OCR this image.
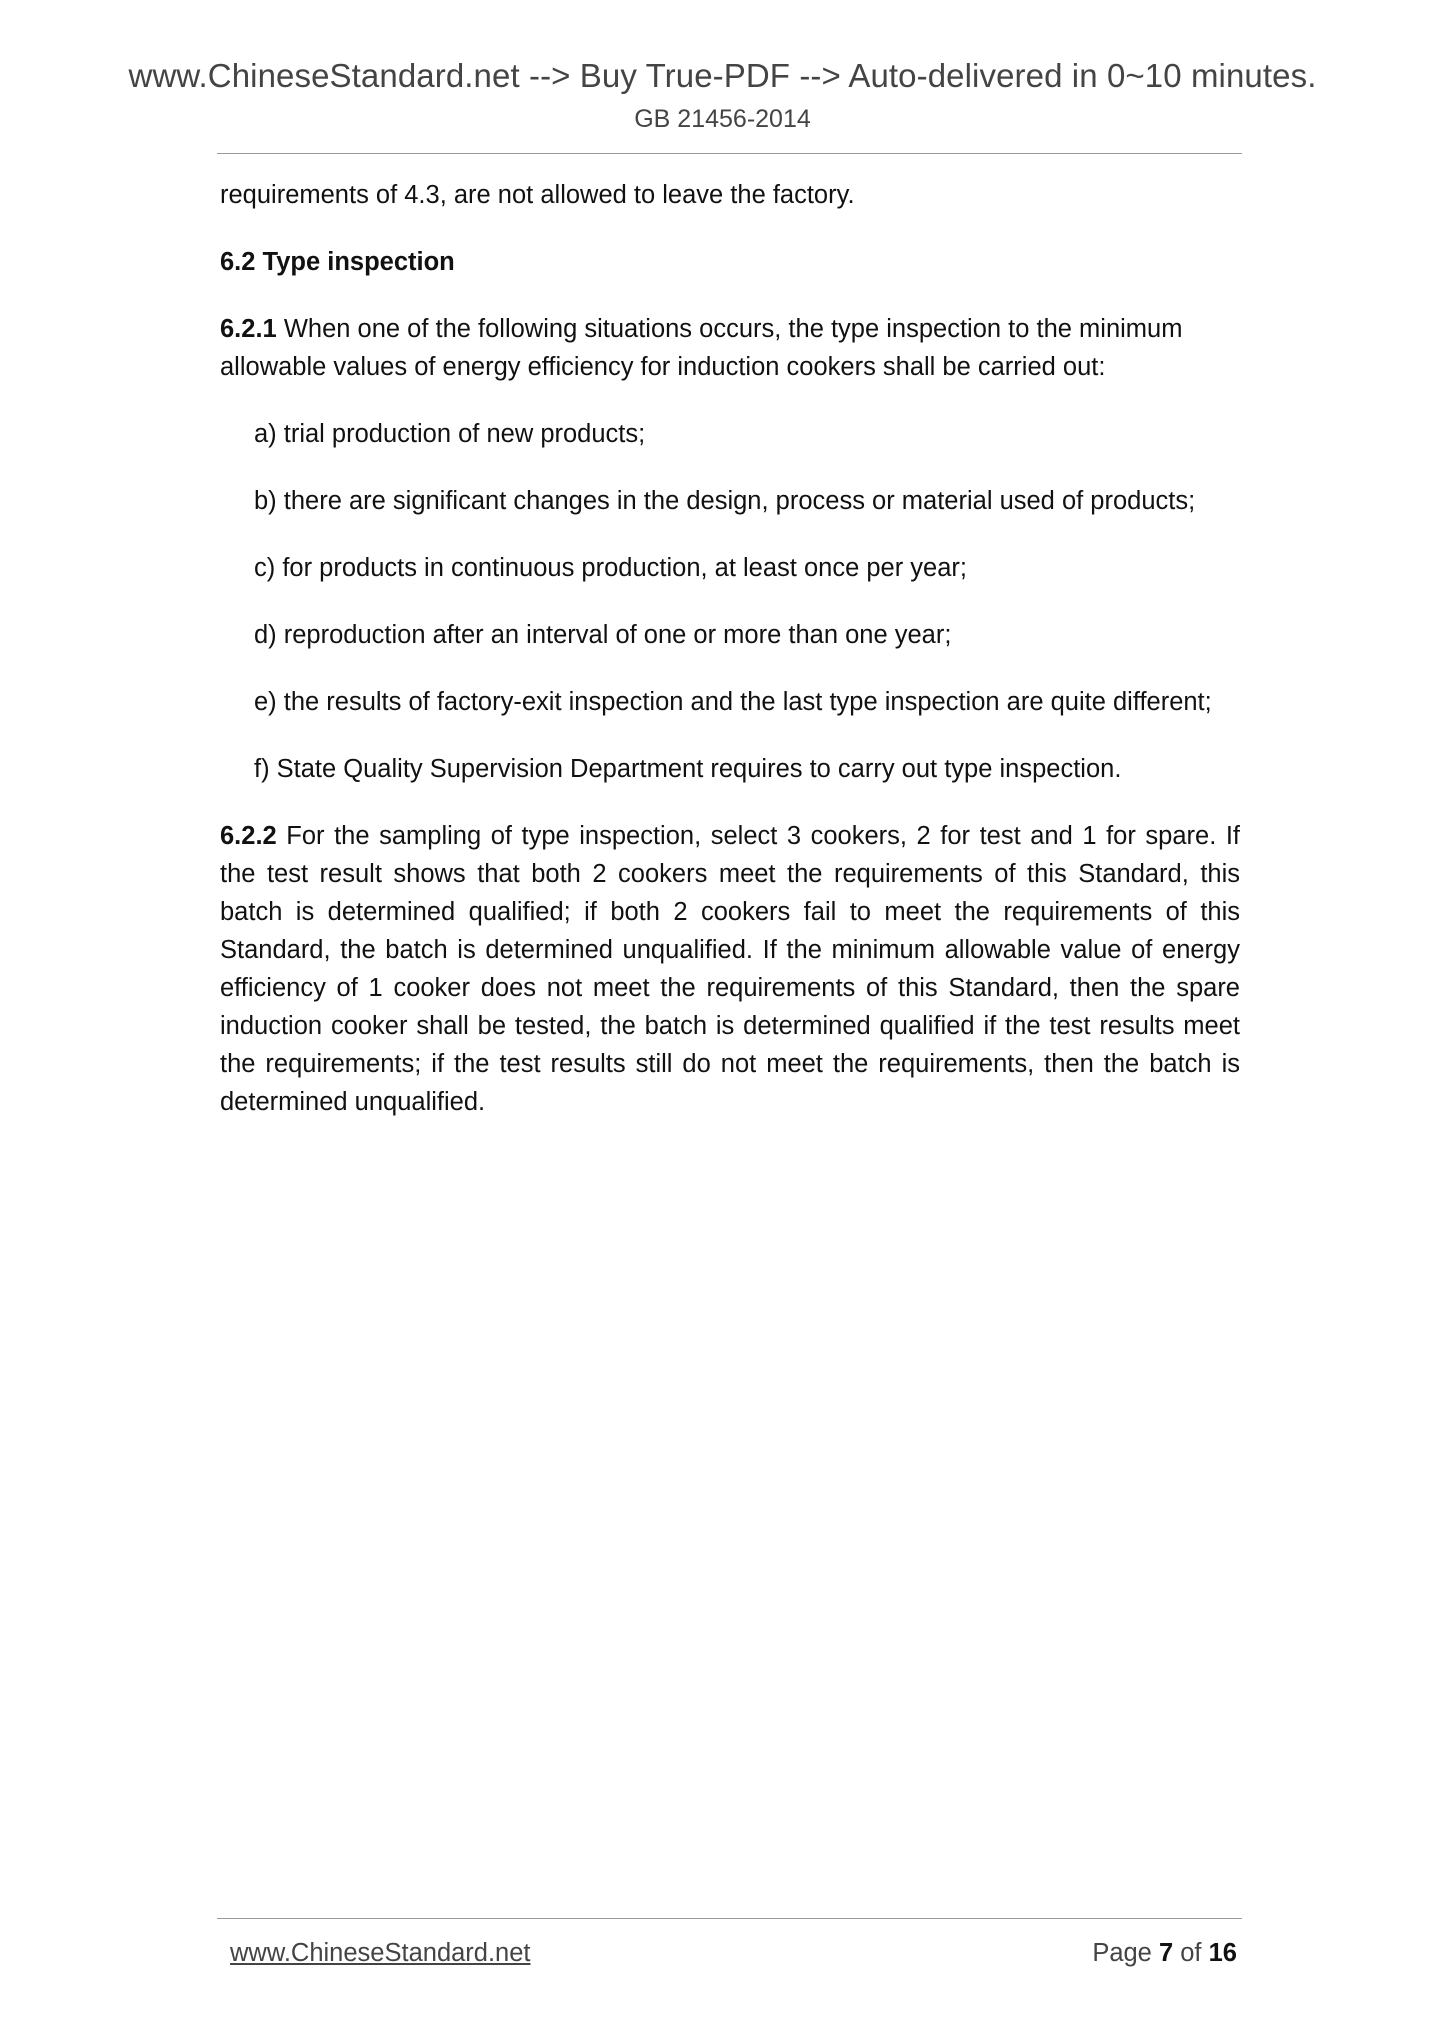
www.ChineseStandard.net --> Buy True-PDF --> Auto-delivered in 0~10 minutes.
GB 21456-2014

requirements of 4.3, are not allowed to leave the factory.

6.2 Type inspection

6.2.1 When one of the following situations occurs, the type inspection to the minimum allowable values of energy efficiency for induction cookers shall be carried out:

a) trial production of new products;

b) there are significant changes in the design, process or material used of products;

c) for products in continuous production, at least once per year;

d) reproduction after an interval of one or more than one year;

e) the results of factory-exit inspection and the last type inspection are quite different;

f) State Quality Supervision Department requires to carry out type inspection.

6.2.2 For the sampling of type inspection, select 3 cookers, 2 for test and 1 for spare. If the test result shows that both 2 cookers meet the requirements of this Standard, this batch is determined qualified; if both 2 cookers fail to meet the requirements of this Standard, the batch is determined unqualified. If the minimum allowable value of energy efficiency of 1 cooker does not meet the requirements of this Standard, then the spare induction cooker shall be tested, the batch is determined qualified if the test results meet the requirements; if the test results still do not meet the requirements, then the batch is determined unqualified.

www.ChineseStandard.net	Page 7 of 16
